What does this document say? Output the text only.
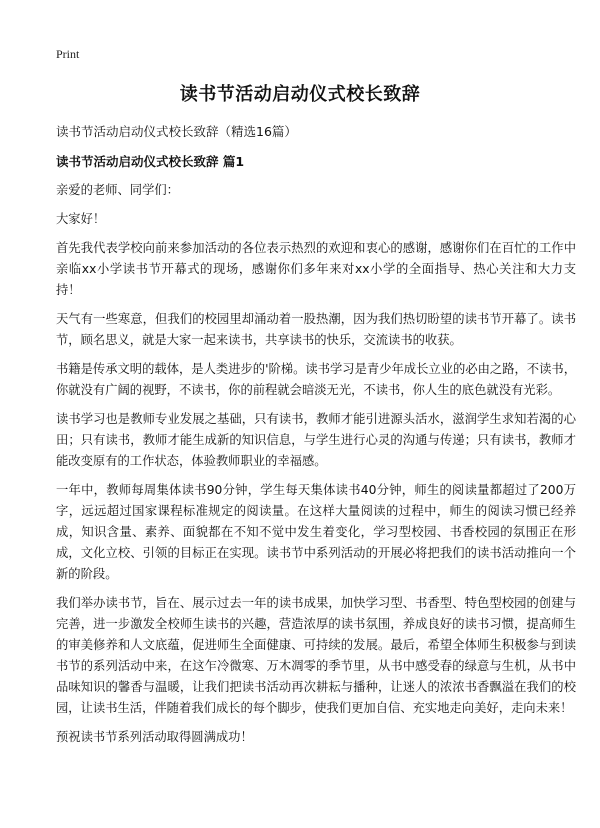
Print
读书节活动启动仪式校长致辞

读书节活动启动仪式校长致辞（精选16篇）

读书节活动启动仪式校长致辞 篇1

亲爱的老师、同学们：

大家好！

首先我代表学校向前来参加活动的各位表示热烈的欢迎和衷心的感谢，感谢你们在百忙的工作中亲临xx小学读书节开幕式的现场，感谢你们多年来对xx小学的全面指导、热心关注和大力支持！

天气有一些寒意，但我们的校园里却涌动着一股热潮，因为我们热切盼望的读书节开幕了。读书节，顾名思义，就是大家一起来读书，共享读书的快乐，交流读书的收获。

书籍是传承文明的载体，是人类进步的'阶梯。读书学习是青少年成长立业的必由之路，不读书，你就没有广阔的视野，不读书，你的前程就会暗淡无光，不读书，你人生的底色就没有光彩。

读书学习也是教师专业发展之基础，只有读书，教师才能引进源头活水，滋润学生求知若渴的心田；只有读书，教师才能生成新的知识信息，与学生进行心灵的沟通与传递；只有读书，教师才能改变原有的工作状态，体验教师职业的幸福感。

一年中，教师每周集体读书90分钟，学生每天集体读书40分钟，师生的阅读量都超过了200万字，远远超过国家课程标准规定的阅读量。在这样大量阅读的过程中，师生的阅读习惯已经养成，知识含量、素养、面貌都在不知不觉中发生着变化，学习型校园、书香校园的氛围正在形成，文化立校、引领的目标正在实现。读书节中系列活动的开展必将把我们的读书活动推向一个新的阶段。

我们举办读书节，旨在、展示过去一年的读书成果，加快学习型、书香型、特色型校园的创建与完善，进一步激发全校师生读书的兴趣，营造浓厚的读书氛围，养成良好的读书习惯，提高师生的审美修养和人文底蕴，促进师生全面健康、可持续的发展。最后，希望全体师生积极参与到读书节的系列活动中来，在这乍冷微寒、万木凋零的季节里，从书中感受春的绿意与生机，从书中品味知识的馨香与温暖，让我们把读书活动再次耕耘与播种，让迷人的浓浓书香飘溢在我们的校园，让读书生活，伴随着我们成长的每个脚步，使我们更加自信、充实地走向美好，走向未来！

预祝读书节系列活动取得圆满成功！
